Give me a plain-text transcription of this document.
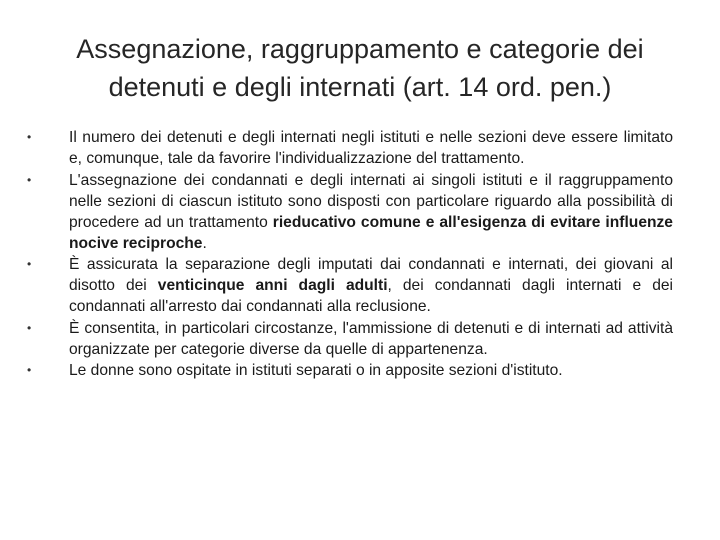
Assegnazione, raggruppamento e categorie dei
detenuti e degli internati (art. 14 ord. pen.)
•	Il numero dei detenuti e degli internati negli istituti e nelle sezioni deve essere limitato e, comunque, tale da favorire l'individualizzazione del trattamento.
•	L'assegnazione dei condannati e degli internati ai singoli istituti e il raggruppamento nelle sezioni di ciascun istituto sono disposti con particolare riguardo alla possibilità di procedere ad un trattamento rieducativo comune e all'esigenza di evitare influenze nocive reciproche.
•	È assicurata la separazione degli imputati dai condannati e internati, dei giovani al disotto dei venticinque anni dagli adulti, dei condannati dagli internati e dei condannati all'arresto dai condannati alla reclusione.
•	È consentita, in particolari circostanze, l'ammissione di detenuti e di internati ad attività organizzate per categorie diverse da quelle di appartenenza.
•	Le donne sono ospitate in istituti separati o in apposite sezioni d'istituto.
